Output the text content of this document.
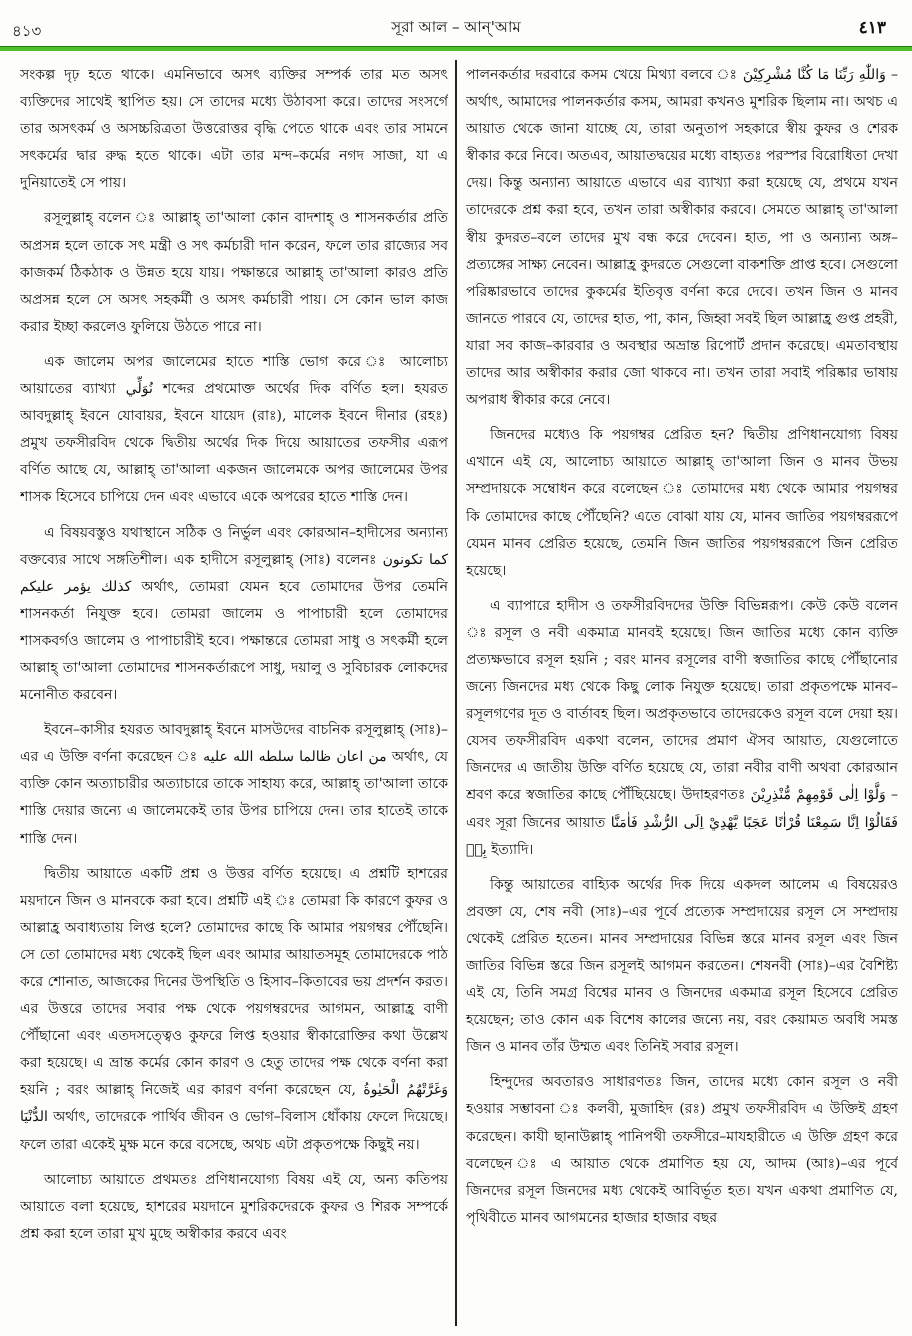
৪১৩	সূরা আল – আন্'আম	٤١٣

সংকল্প দৃঢ় হতে থাকে। এমনিভাবে অসৎ ব্যক্তির সম্পর্ক তার মত অসৎ ব্যক্তিদের সাথেই স্থাপিত হয়। সে তাদের মধ্যে উঠাবসা করে। তাদের সংসর্গে তার অসৎকর্ম ও অসচ্চরিত্রতা উত্তরোত্তর বৃদ্ধি পেতে থাকে এবং তার সামনে সৎকর্মের দ্বার রুদ্ধ হতে থাকে। এটা তার মন্দ–কর্মের নগদ সাজা, যা এ দুনিয়াতেই সে পায়।

রসূলুল্লাহ্ বলেন ঃ আল্লাহ্ তা'আলা কোন বাদশাহ্ ও শাসনকর্তার প্রতি অপ্রসন্ন হলে তাকে সৎ মন্ত্রী ও সৎ কর্মচারী দান করেন, ফলে তার রাজ্যের সব কাজকর্ম ঠিকঠাক ও উন্নত হয়ে যায়। পক্ষান্তরে আল্লাহ্ তা'আলা কারও প্রতি অপ্রসন্ন হলে সে অসৎ সহকর্মী ও অসৎ কর্মচারী পায়। সে কোন ভাল কাজ করার ইচ্ছা করলেও ফুলিয়ে উঠতে পারে না।

এক জালেম অপর জালেমের হাতে শাস্তি ভোগ করে ঃ আলোচ্য আয়াতের ব্যাখ্যা نُوَلِّي শব্দের প্রথমোক্ত অর্থের দিক বর্ণিত হল। হযরত আবদুল্লাহ্ ইবনে যোবায়র, ইবনে যায়েদ (রাঃ), মালেক ইবনে দীনার (রহঃ) প্রমুখ তফসীরবিদ থেকে দ্বিতীয় অর্থের দিক দিয়ে আয়াতের তফসীর এরূপ বর্ণিত আছে যে, আল্লাহ্ তা'আলা একজন জালেমকে অপর জালেমের উপর শাসক হিসেবে চাপিয়ে দেন এবং এভাবে একে অপরের হাতে শাস্তি দেন।

এ বিষয়বস্তুও যথাস্থানে সঠিক ও নির্ভুল এবং কোরআন–হাদীসের অন্যান্য বক্তব্যের সাথে সঙ্গতিশীল। এক হাদীসে রসূলুল্লাহ্ (সাঃ) বলেনঃ كما تكونون كذلك يؤمر عليكم অর্থাৎ, তোমরা যেমন হবে তোমাদের উপর তেমনি শাসনকর্তা নিযুক্ত হবে। তোমরা জালেম ও পাপাচারী হলে তোমাদের শাসকবর্গও জালেম ও পাপাচারীই হবে। পক্ষান্তরে তোমরা সাধু ও সৎকর্মী হলে আল্লাহ্ তা'আলা তোমাদের শাসনকর্তারূপে সাধু, দয়ালু ও সুবিচারক লোকদের মনোনীত করবেন।

ইবনে–কাসীর হযরত আবদুল্লাহ্ ইবনে মাসউদের বাচনিক রসূলুল্লাহ্ (সাঃ)–এর এ উক্তি বর্ণনা করেছেন ঃ من اعان ظالما سلطه الله عليه অর্থাৎ, যে ব্যক্তি কোন অত্যাচারীর অত্যাচারে তাকে সাহায্য করে, আল্লাহ্ তা'আলা তাকে শাস্তি দেয়ার জন্যে এ জালেমকেই তার উপর চাপিয়ে দেন। তার হাতেই তাকে শাস্তি দেন।

দ্বিতীয় আয়াতে একটি প্রশ্ন ও উত্তর বর্ণিত হয়েছে। এ প্রশ্নটি হাশরের ময়দানে জিন ও মানবকে করা হবে। প্রশ্নটি এই ঃ তোমরা কি কারণে কুফর ও আল্লাহ্র অবাধ্যতায় লিপ্ত হলে? তোমাদের কাছে কি আমার পয়গম্বর পৌঁছেনি। সে তো তোমাদের মধ্য থেকেই ছিল এবং আমার আয়াতসমূহ তোমাদেরকে পাঠ করে শোনাত, আজকের দিনের উপস্থিতি ও হিসাব–কিতাবের ভয় প্রদর্শন করত। এর উত্তরে তাদের সবার পক্ষ থেকে পয়গম্বরদের আগমন, আল্লাহ্র বাণী পৌঁছানো এবং এতদসত্ত্বেও কুফরে লিপ্ত হওয়ার স্বীকারোক্তির কথা উল্লেখ করা হয়েছে। এ ভ্রান্ত কর্মের কোন কারণ ও হেতু তাদের পক্ষ থেকে বর্ণনা করা হয়নি ; বরং আল্লাহ্ নিজেই এর কারণ বর্ণনা করেছেন যে, وَغَرَّتْهُمُ الْحَيٰوةُ الدُّنْيَا অর্থাৎ, তাদেরকে পার্থিব জীবন ও ভোগ–বিলাস ধোঁকায় ফেলে দিয়েছে। ফলে তারা একেই মুক্ষ মনে করে বসেছে, অথচ এটা প্রকৃতপক্ষে কিছুই নয়।

আলোচ্য আয়াতে প্রথমতঃ প্রণিধানযোগ্য বিষয় এই যে, অন্য কতিপয় আয়াতে বলা হয়েছে, হাশরের ময়দানে মুশরিকদেরকে কুফর ও শিরক সম্পর্কে প্রশ্ন করা হলে তারা মুখ মুছে অস্বীকার করবে এবং

পালনকর্তার দরবারে কসম খেয়ে মিথ্যা বলবে ঃ وَاللّٰهِ رَبِّنَا مَا كُنَّا مُشْرِكِيْنَ – অর্থাৎ, আমাদের পালনকর্তার কসম, আমরা কখনও মুশরিক ছিলাম না। অথচ এ আয়াত থেকে জানা যাচ্ছে যে, তারা অনুতাপ সহকারে স্বীয় কুফর ও শেরক স্বীকার করে নিবে। অতএব, আয়াতদ্বয়ের মধ্যে বাহ্যতঃ পরস্পর বিরোধিতা দেখা দেয়। কিন্তু অন্যান্য আয়াতে এভাবে এর ব্যাখ্যা করা হয়েছে যে, প্রথমে যখন তাদেরকে প্রশ্ন করা হবে, তখন তারা অস্বীকার করবে। সেমতে আল্লাহ্ তা'আলা স্বীয় কুদরত–বলে তাদের মুখ বন্ধ করে দেবেন। হাত, পা ও অন্যান্য অঙ্গ–প্রত্যঙ্গের সাক্ষ্য নেবেন। আল্লাহ্র কুদরতে সেগুলো বাকশক্তি প্রাপ্ত হবে। সেগুলো পরিষ্কারভাবে তাদের কুকর্মের ইতিবৃত্ত বর্ণনা করে দেবে। তখন জিন ও মানব জানতে পারবে যে, তাদের হাত, পা, কান, জিহ্বা সবই ছিল আল্লাহ্র গুপ্ত প্রহরী, যারা সব কাজ–কারবার ও অবস্থার অভ্রান্ত রিপোর্ট প্রদান করেছে। এমতাবস্থায় তাদের আর অস্বীকার করার জো থাকবে না। তখন তারা সবাই পরিষ্কার ভাষায় অপরাধ স্বীকার করে নেবে।

জিনদের মধ্যেও কি পয়গম্বর প্রেরিত হন? দ্বিতীয় প্রণিধানযোগ্য বিষয় এখানে এই যে, আলোচ্য আয়াতে আল্লাহ্ তা'আলা জিন ও মানব উভয় সম্প্রদায়কে সম্বোধন করে বলেছেন ঃ তোমাদের মধ্য থেকে আমার পয়গম্বর কি তোমাদের কাছে পৌঁছেনি? এতে বোঝা যায় যে, মানব জাতির পয়গম্বররূপে যেমন মানব প্রেরিত হয়েছে, তেমনি জিন জাতির পয়গম্বররূপে জিন প্রেরিত হয়েছে।

এ ব্যাপারে হাদীস ও তফসীরবিদদের উক্তি বিভিন্নরূপ। কেউ কেউ বলেন ঃ রসূল ও নবী একমাত্র মানবই হয়েছে। জিন জাতির মধ্যে কোন ব্যক্তি প্রত্যক্ষভাবে রসূল হয়নি ; বরং মানব রসূলের বাণী স্বজাতির কাছে পৌঁছানোর জন্যে জিনদের মধ্য থেকে কিছু লোক নিযুক্ত হয়েছে। তারা প্রকৃতপক্ষে মানব–রসূলগণের দূত ও বার্তাবহ ছিল। অপ্রকৃতভাবে তাদেরকেও রসূল বলে দেয়া হয়। যেসব তফসীরবিদ একথা বলেন, তাদের প্রমাণ ঐসব আয়াত, যেগুলোতে জিনদের এ জাতীয় উক্তি বর্ণিত হয়েছে যে, তারা নবীর বাণী অথবা কোরআন শ্রবণ করে স্বজাতির কাছে পৌঁছিয়েছে। উদাহরণতঃ وَلَّوْا اِلٰى قَوْمِهِمْ مُّنْذِرِيْنَ – এবং সূরা জিনের আয়াত فَقَالُوْا اِنَّا سَمِعْنَا قُرْاٰنًا عَجَبًا يَّهْدِيْ اِلَى الرُّشْدِ فَاٰمَنَّا بِهٖ ইত্যাদি।

কিন্তু আয়াতের বাহ্যিক অর্থের দিক দিয়ে একদল আলেম এ বিষয়েরও প্রবক্তা যে, শেষ নবী (সাঃ)–এর পূর্বে প্রত্যেক সম্প্রদায়ের রসূল সে সম্প্রদায় থেকেই প্রেরিত হতেন। মানব সম্প্রদায়ের বিভিন্ন স্তরে মানব রসূল এবং জিন জাতির বিভিন্ন স্তরে জিন রসূলই আগমন করতেন। শেষনবী (সাঃ)–এর বৈশিষ্ট্য এই যে, তিনি সমগ্র বিশ্বের মানব ও জিনদের একমাত্র রসূল হিসেবে প্রেরিত হয়েছেন; তাও কোন এক বিশেষ কালের জন্যে নয়, বরং কেয়ামত অবধি সমস্ত জিন ও মানব তাঁর উম্মত এবং তিনিই সবার রসূল।

হিন্দুদের অবতারও সাধারণতঃ জিন, তাদের মধ্যে কোন রসূল ও নবী হওয়ার সম্ভাবনা ঃ কলবী, মুজাহিদ (রঃ) প্রমুখ তফসীরবিদ এ উক্তিই গ্রহণ করেছেন। কাযী ছানাউল্লাহ্ পানিপথী তফসীরে–মাযহারীতে এ উক্তি গ্রহণ করে বলেছেন ঃ এ আয়াত থেকে প্রমাণিত হয় যে, আদম (আঃ)–এর পূর্বে জিনদের রসূল জিনদের মধ্য থেকেই আবির্ভূত হত। যখন একথা প্রমাণিত যে, পৃথিবীতে মানব আগমনের হাজার হাজার বছর
